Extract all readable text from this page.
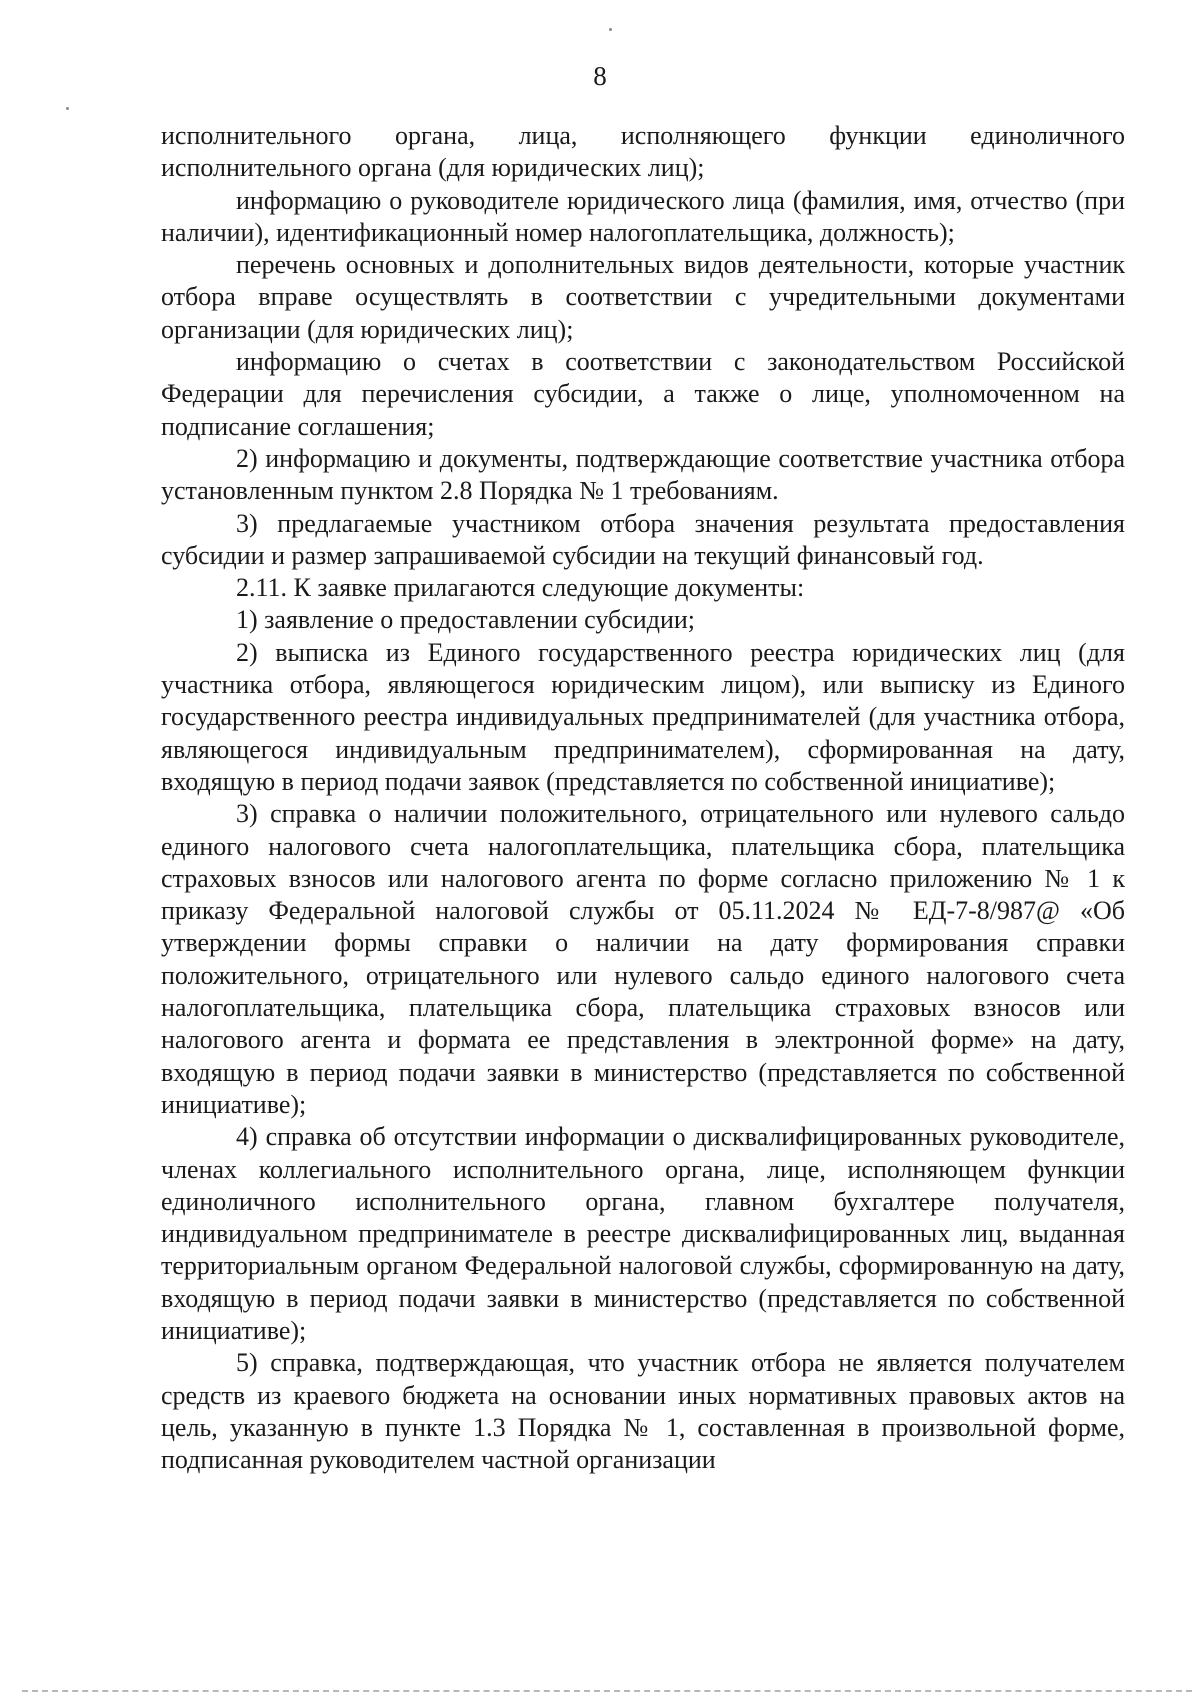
8

исполнительного органа, лица, исполняющего функции единоличного исполнительного органа (для юридических лиц);

информацию о руководителе юридического лица (фамилия, имя, отчество (при наличии), идентификационный номер налогоплательщика, должность);

перечень основных и дополнительных видов деятельности, которые участник отбора вправе осуществлять в соответствии с учредительными документами организации (для юридических лиц);

информацию о счетах в соответствии с законодательством Российской Федерации для перечисления субсидии, а также о лице, уполномоченном на подписание соглашения;

2) информацию и документы, подтверждающие соответствие участника отбора установленным пунктом 2.8 Порядка № 1 требованиям.

3) предлагаемые участником отбора значения результата предоставления субсидии и размер запрашиваемой субсидии на текущий финансовый год.

2.11. К заявке прилагаются следующие документы:

1) заявление о предоставлении субсидии;

2) выписка из Единого государственного реестра юридических лиц (для участника отбора, являющегося юридическим лицом), или выписку из Единого государственного реестра индивидуальных предпринимателей (для участника отбора, являющегося индивидуальным предпринимателем), сформированная на дату, входящую в период подачи заявок (представляется по собственной инициативе);

3) справка о наличии положительного, отрицательного или нулевого сальдо единого налогового счета налогоплательщика, плательщика сбора, плательщика страховых взносов или налогового агента по форме согласно приложению № 1 к приказу Федеральной налоговой службы от 05.11.2024 № ЕД-7-8/987@ «Об утверждении формы справки о наличии на дату формирования справки положительного, отрицательного или нулевого сальдо единого налогового счета налогоплательщика, плательщика сбора, плательщика страховых взносов или налогового агента и формата ее представления в электронной форме» на дату, входящую в период подачи заявки в министерство (представляется по собственной инициативе);

4) справка об отсутствии информации о дисквалифицированных руководителе, членах коллегиального исполнительного органа, лице, исполняющем функции единоличного исполнительного органа, главном бухгалтере получателя, индивидуальном предпринимателе в реестре дисквалифицированных лиц, выданная территориальным органом Федеральной налоговой службы, сформированную на дату, входящую в период подачи заявки в министерство (представляется по собственной инициативе);

5) справка, подтверждающая, что участник отбора не является получателем средств из краевого бюджета на основании иных нормативных правовых актов на цель, указанную в пункте 1.3 Порядка № 1, составленная в произвольной форме, подписанная руководителем частной организации
